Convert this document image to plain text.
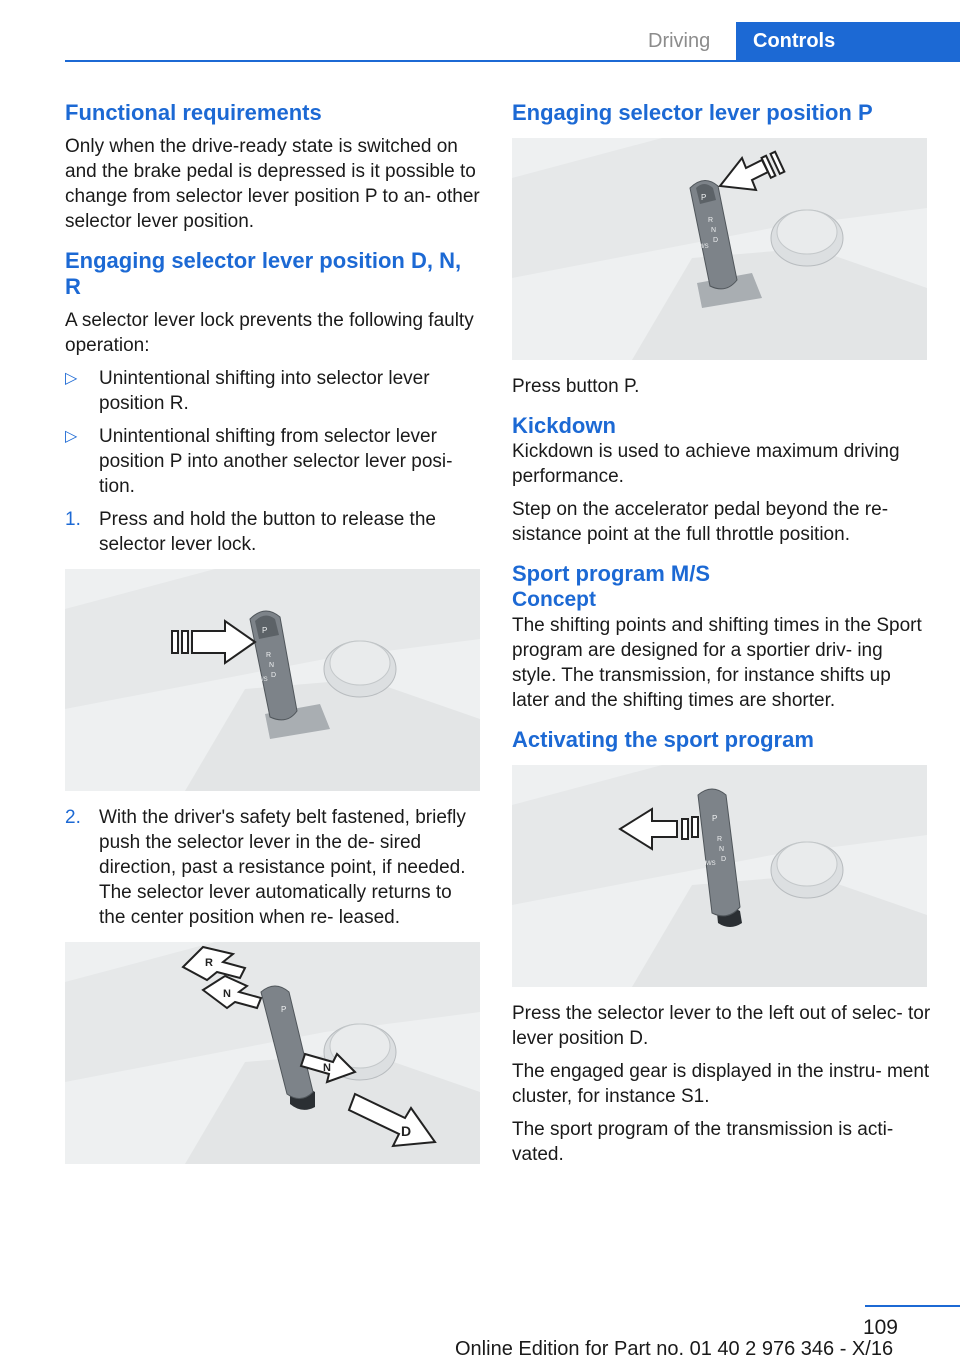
Driving	Controls
Functional requirements

Only when the drive-ready state is switched on and the brake pedal is depressed is it possible to change from selector lever position P to an- other selector lever position.

Engaging selector lever position D, N, R

A selector lever lock prevents the following faulty operation:

▷	Unintentional shifting into selector lever position R.
▷	Unintentional shifting from selector lever position P into another selector lever posi- tion.
1. Press and hold the button to release the selector lever lock.
R
N
D
M/S
P
2. With the driver's safety belt fastened, briefly push the selector lever in the de- sired direction, past a resistance point, if needed. The selector lever automatically returns to the center position when re- leased.
P
M/S
R
N
N
D
Engaging selector lever position P
P
R
N
D
M/S

Press button P.

Kickdown

Kickdown is used to achieve maximum driving performance.

Step on the accelerator pedal beyond the re- sistance point at the full throttle position.

Sport program M/S
Concept

The shifting points and shifting times in the Sport program are designed for a sportier driv- ing style. The transmission, for instance shifts up later and the shifting times are shorter.

Activating the sport program
P
R
N
D
M/S

Press the selector lever to the left out of selec- tor lever position D.

The engaged gear is displayed in the instru- ment cluster, for instance S1.

The sport program of the transmission is acti- vated.

109
Online Edition for Part no. 01 40 2 976 346 - X/16
